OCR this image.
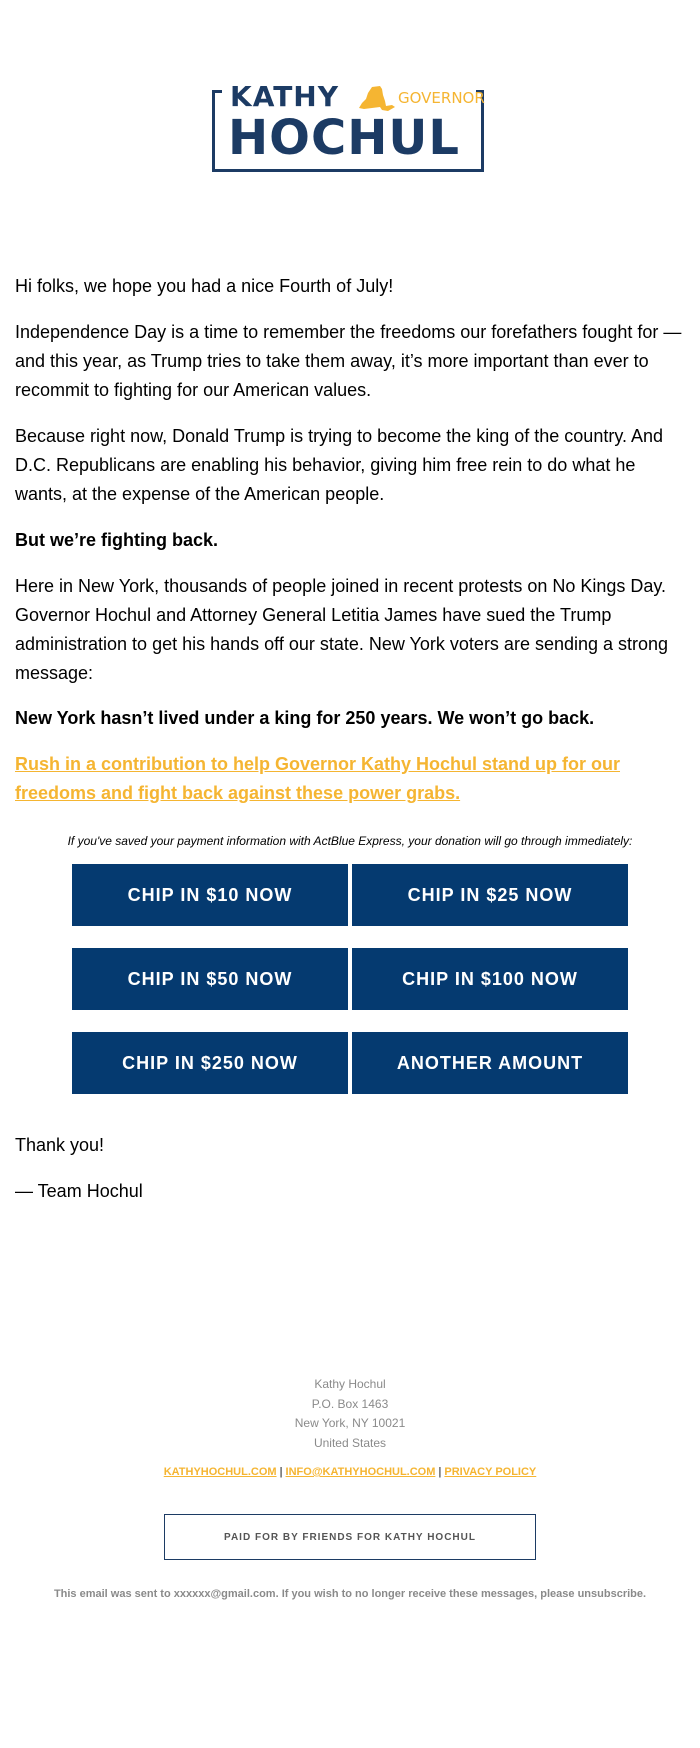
KATHY	GOVERNOR
HOCHUL

Hi folks, we hope you had a nice Fourth of July!

Independence Day is a time to remember the freedoms our forefathers fought for — and this year, as Trump tries to take them away, it’s more important than ever to recommit to fighting for our American values.

Because right now, Donald Trump is trying to become the king of the country. And D.C. Republicans are enabling his behavior, giving him free rein to do what he wants, at the expense of the American people.

But we’re fighting back.

Here in New York, thousands of people joined in recent protests on No Kings Day. Governor Hochul and Attorney General Letitia James have sued the Trump administration to get his hands off our state. New York voters are sending a strong message:

New York hasn’t lived under a king for 250 years. We won’t go back.

Rush in a contribution to help Governor Kathy Hochul stand up for our freedoms and fight back against these power grabs.

If you've saved your payment information with ActBlue Express, your donation will go through immediately:
CHIP IN $10 NOW	CHIP IN $25 NOW
CHIP IN $50 NOW	CHIP IN $100 NOW
CHIP IN $250 NOW	ANOTHER AMOUNT
Thank you!
— Team Hochul
Kathy Hochul
P.O. Box 1463
New York, NY 10021
United States
KATHYHOCHUL.COM | INFO@KATHYHOCHUL.COM | PRIVACY POLICY
PAID FOR BY FRIENDS FOR KATHY HOCHUL
This email was sent to xxxxxx@gmail.com. If you wish to no longer receive these messages, please unsubscribe.
